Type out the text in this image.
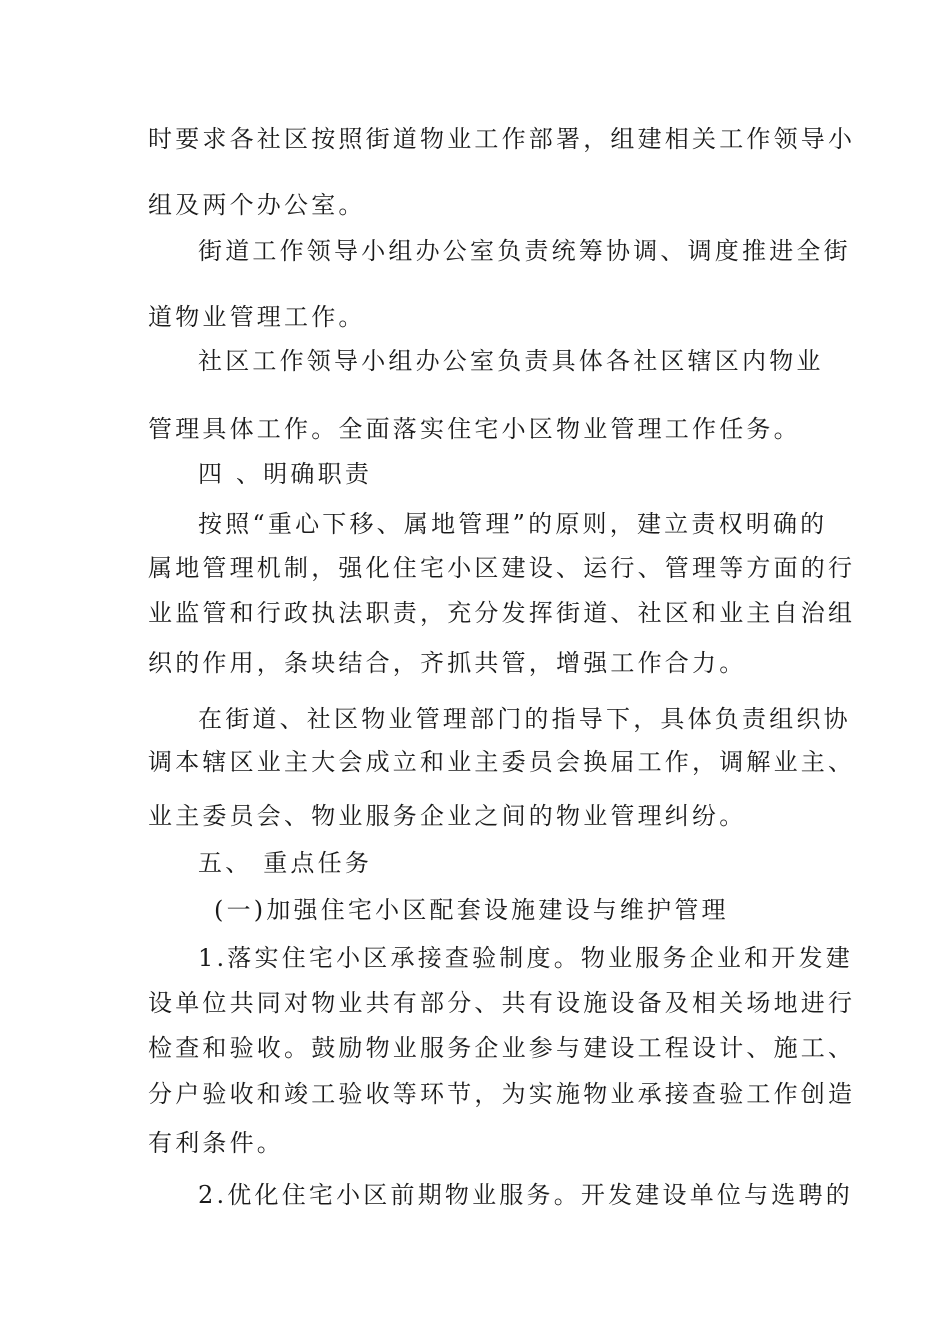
时要求各社区按照街道物业工作部署，组建相关工作领导小
组及两个办公室。
街道工作领导小组办公室负责统筹协调、调度推进全街
道物业管理工作。
社区工作领导小组办公室负责具体各社区辖区内物业
管理具体工作。全面落实住宅小区物业管理工作任务。
四 、明确职责
按照“重心下移、属地管理”的原则，建立责权明确的
属地管理机制，强化住宅小区建设、运行、管理等方面的行
业监管和行政执法职责，充分发挥街道、社区和业主自治组
织的作用，条块结合，齐抓共管，增强工作合力。
在街道、社区物业管理部门的指导下，具体负责组织协
调本辖区业主大会成立和业主委员会换届工作，调解业主、
业主委员会、物业服务企业之间的物业管理纠纷。
五、 重点任务
(一)加强住宅小区配套设施建设与维护管理
1.落实住宅小区承接查验制度。物业服务企业和开发建
设单位共同对物业共有部分、共有设施设备及相关场地进行
检查和验收。鼓励物业服务企业参与建设工程设计、施工、
分户验收和竣工验收等环节，为实施物业承接查验工作创造
有利条件。
2.优化住宅小区前期物业服务。开发建设单位与选聘的
